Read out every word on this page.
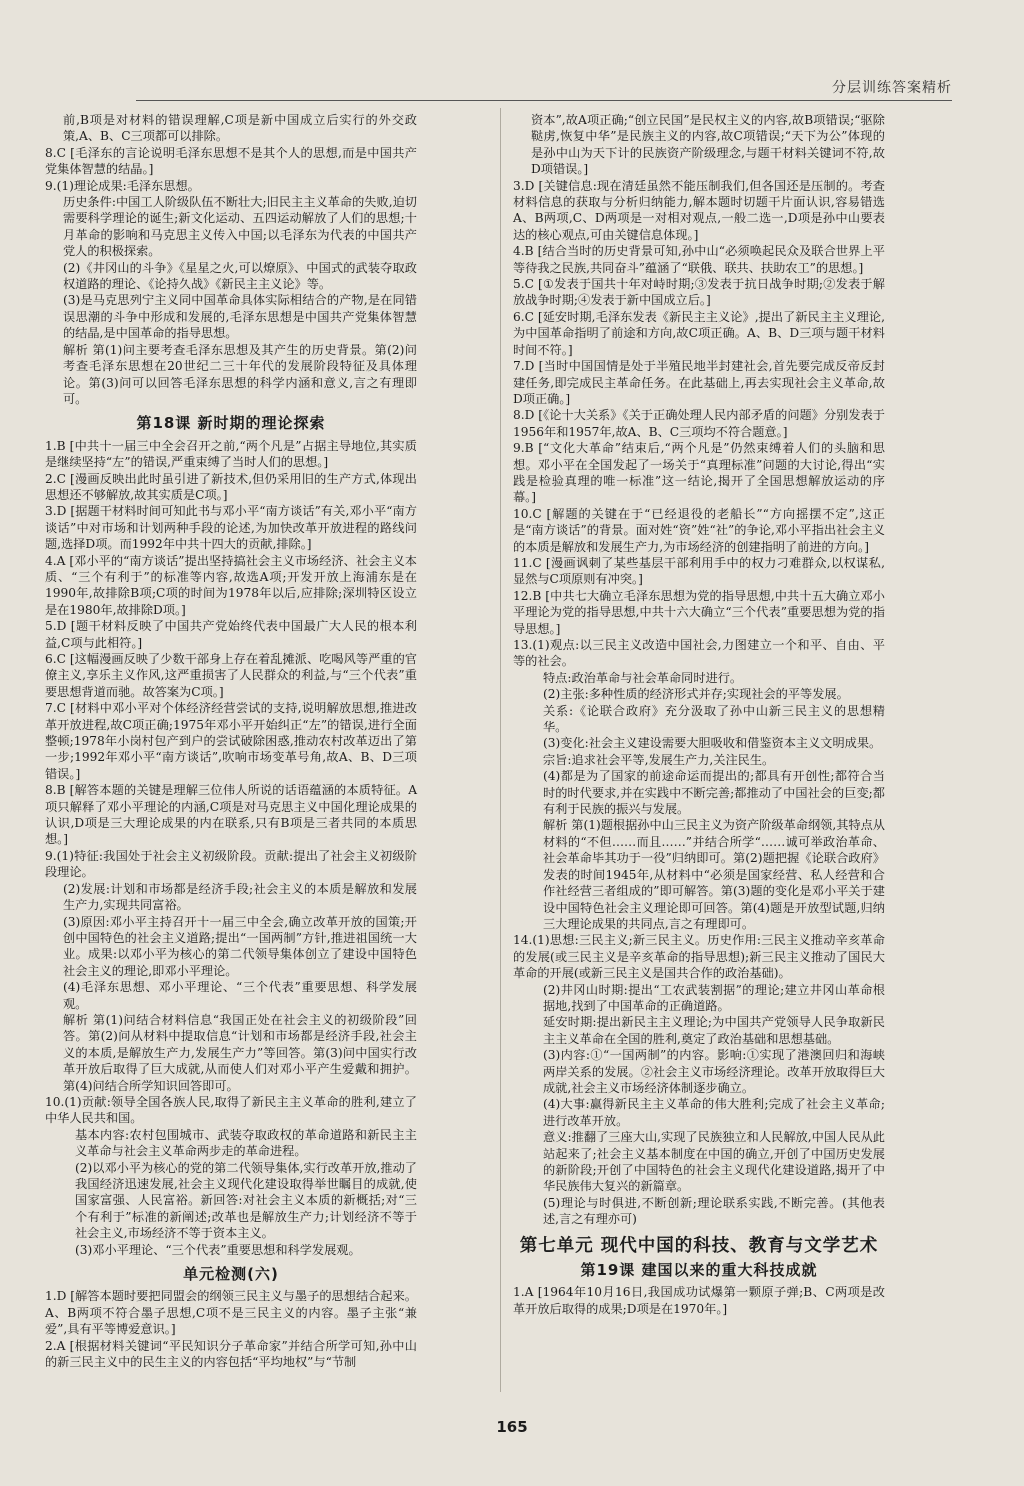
分层训练答案精析
前,B项是对材料的错误理解,C项是新中国成立后实行的外交政策,A、B、C三项都可以排除。
8.C [毛泽东的言论说明毛泽东思想不是其个人的思想,而是中国共产党集体智慧的结晶。]
9.(1)理论成果:毛泽东思想。
历史条件:中国工人阶级队伍不断壮大;旧民主主义革命的失败,迫切需要科学理论的诞生;新文化运动、五四运动解放了人们的思想;十月革命的影响和马克思主义传入中国;以毛泽东为代表的中国共产党人的积极探索。
(2)《井冈山的斗争》《星星之火,可以燎原》、中国式的武装夺取政权道路的理论、《论持久战》《新民主主义论》等。
(3)是马克思列宁主义同中国革命具体实际相结合的产物,是在同错误思潮的斗争中形成和发展的,毛泽东思想是中国共产党集体智慧的结晶,是中国革命的指导思想。
解析 第(1)问主要考查毛泽东思想及其产生的历史背景。第(2)问考查毛泽东思想在20世纪二三十年代的发展阶段特征及具体理论。第(3)问可以回答毛泽东思想的科学内涵和意义,言之有理即可。
第18课 新时期的理论探索
1.B [中共十一届三中全会召开之前,“两个凡是”占据主导地位,其实质是继续坚持“左”的错误,严重束缚了当时人们的思想。]
2.C [漫画反映出此时虽引进了新技术,但仍采用旧的生产方式,体现出思想还不够解放,故其实质是C项。]
3.D [据题干材料时间可知此书与邓小平“南方谈话”有关,邓小平“南方谈话”中对市场和计划两种手段的论述,为加快改革开放进程的路线问题,选择D项。而1992年中共十四大的贡献,排除。]
4.A [邓小平的“南方谈话”提出坚持搞社会主义市场经济、社会主义本质、“三个有利于”的标准等内容,故选A项;开发开放上海浦东是在1990年,故排除B项;C项的时间为1978年以后,应排除;深圳特区设立是在1980年,故排除D项。]
5.D [题干材料反映了中国共产党始终代表中国最广大人民的根本利益,C项与此相符。]
6.C [这幅漫画反映了少数干部身上存在着乱摊派、吃喝风等严重的官僚主义,享乐主义作风,这严重损害了人民群众的利益,与“三个代表”重要思想背道而驰。故答案为C项。]
7.C [材料中邓小平对个体经济经营尝试的支持,说明解放思想,推进改革开放进程,故C项正确;1975年邓小平开始纠正“左”的错误,进行全面整顿;1978年小岗村包产到户的尝试破除困惑,推动农村改革迈出了第一步;1992年邓小平“南方谈话”,吹响市场变革号角,故A、B、D三项错误。]
8.B [解答本题的关键是理解三位伟人所说的话语蕴涵的本质特征。A项只解释了邓小平理论的内涵,C项是对马克思主义中国化理论成果的认识,D项是三大理论成果的内在联系,只有B项是三者共同的本质思想。]
9.(1)特征:我国处于社会主义初级阶段。贡献:提出了社会主义初级阶段理论。
(2)发展:计划和市场都是经济手段;社会主义的本质是解放和发展生产力,实现共同富裕。
(3)原因:邓小平主持召开十一届三中全会,确立改革开放的国策;开创中国特色的社会主义道路;提出“一国两制”方针,推进祖国统一大业。成果:以邓小平为核心的第二代领导集体创立了建设中国特色社会主义的理论,即邓小平理论。
(4)毛泽东思想、邓小平理论、“三个代表”重要思想、科学发展观。
解析 第(1)问结合材料信息“我国正处在社会主义的初级阶段”回答。第(2)问从材料中提取信息“计划和市场都是经济手段,社会主义的本质,是解放生产力,发展生产力”等回答。第(3)问中国实行改革开放后取得了巨大成就,从而使人们对邓小平产生爱戴和拥护。第(4)问结合所学知识回答即可。
10.(1)贡献:领导全国各族人民,取得了新民主主义革命的胜利,建立了中华人民共和国。
基本内容:农村包围城市、武装夺取政权的革命道路和新民主主义革命与社会主义革命两步走的革命进程。
(2)以邓小平为核心的党的第二代领导集体,实行改革开放,推动了我国经济迅速发展,社会主义现代化建设取得举世瞩目的成就,使国家富强、人民富裕。新回答:对社会主义本质的新概括;对“三个有利于”标准的新阐述;改革也是解放生产力;计划经济不等于社会主义,市场经济不等于资本主义。
(3)邓小平理论、“三个代表”重要思想和科学发展观。
单元检测(六)
1.D [解答本题时要把同盟会的纲领三民主义与墨子的思想结合起来。A、B两项不符合墨子思想,C项不是三民主义的内容。墨子主张“兼爱”,具有平等博爱意识。]
2.A [根据材料关键词“平民知识分子革命家”并结合所学可知,孙中山的新三民主义中的民生主义的内容包括“平均地权”与“节制
资本”,故A项正确;“创立民国”是民权主义的内容,故B项错误;“驱除鞑虏,恢复中华”是民族主义的内容,故C项错误;“天下为公”体现的是孙中山为天下计的民族资产阶级理念,与题干材料关键词不符,故D项错误。]
3.D [关键信息:现在清廷虽然不能压制我们,但各国还是压制的。考查材料信息的获取与分析归纳能力,解本题时切题干片面认识,容易错选A、B两项,C、D两项是一对相对观点,一般二选一,D项是孙中山要表达的核心观点,可由关键信息体现。]
4.B [结合当时的历史背景可知,孙中山“必须唤起民众及联合世界上平等待我之民族,共同奋斗”蕴涵了“联俄、联共、扶助农工”的思想。]
5.C [①发表于国共十年对峙时期;③发表于抗日战争时期;②发表于解放战争时期;④发表于新中国成立后。]
6.C [延安时期,毛泽东发表《新民主主义论》,提出了新民主主义理论,为中国革命指明了前途和方向,故C项正确。A、B、D三项与题干材料时间不符。]
7.D [当时中国国情是处于半殖民地半封建社会,首先要完成反帝反封建任务,即完成民主革命任务。在此基础上,再去实现社会主义革命,故D项正确。]
8.D [《论十大关系》《关于正确处理人民内部矛盾的问题》分别发表于1956年和1957年,故A、B、C三项均不符合题意。]
9.B [“文化大革命”结束后,“两个凡是”仍然束缚着人们的头脑和思想。邓小平在全国发起了一场关于“真理标准”问题的大讨论,得出“实践是检验真理的唯一标准”这一结论,揭开了全国思想解放运动的序幕。]
10.C [解题的关键在于“已经退役的老船长”“方向摇摆不定”,这正是“南方谈话”的背景。面对姓“资”姓“社”的争论,邓小平指出社会主义的本质是解放和发展生产力,为市场经济的创建指明了前进的方向。]
11.C [漫画讽刺了某些基层干部利用手中的权力刁难群众,以权谋私,显然与C项原则有冲突。]
12.B [中共七大确立毛泽东思想为党的指导思想,中共十五大确立邓小平理论为党的指导思想,中共十六大确立“三个代表”重要思想为党的指导思想。]
13.(1)观点:以三民主义改造中国社会,力图建立一个和平、自由、平等的社会。
特点:政治革命与社会革命同时进行。
(2)主张:多种性质的经济形式并存;实现社会的平等发展。
关系:《论联合政府》充分汲取了孙中山新三民主义的思想精华。
(3)变化:社会主义建设需要大胆吸收和借鉴资本主义文明成果。
宗旨:追求社会平等,发展生产力,关注民生。
(4)都是为了国家的前途命运而提出的;都具有开创性;都符合当时的时代要求,并在实践中不断完善;都推动了中国社会的巨变;都有利于民族的振兴与发展。
解析 第(1)题根据孙中山三民主义为资产阶级革命纲领,其特点从材料的“不但……而且……”并结合所学“……诚可举政治革命、社会革命毕其功于一役”归纳即可。第(2)题把握《论联合政府》发表的时间1945年,从材料中“必须是国家经营、私人经营和合作社经营三者组成的”即可解答。第(3)题的变化是邓小平关于建设中国特色社会主义理论即可回答。第(4)题是开放型试题,归纳三大理论成果的共同点,言之有理即可。
14.(1)思想:三民主义;新三民主义。历史作用:三民主义推动辛亥革命的发展(或三民主义是辛亥革命的指导思想);新三民主义推动了国民大革命的开展(或新三民主义是国共合作的政治基础)。
(2)井冈山时期:提出“工农武装割据”的理论;建立井冈山革命根据地,找到了中国革命的正确道路。
延安时期:提出新民主主义理论;为中国共产党领导人民争取新民主主义革命在全国的胜利,奠定了政治基础和思想基础。
(3)内容:①“一国两制”的内容。影响:①实现了港澳回归和海峡两岸关系的发展。②社会主义市场经济理论。改革开放取得巨大成就,社会主义市场经济体制逐步确立。
(4)大事:赢得新民主主义革命的伟大胜利;完成了社会主义革命;进行改革开放。
意义:推翻了三座大山,实现了民族独立和人民解放,中国人民从此站起来了;社会主义基本制度在中国的确立,开创了中国历史发展的新阶段;开创了中国特色的社会主义现代化建设道路,揭开了中华民族伟大复兴的新篇章。
(5)理论与时俱进,不断创新;理论联系实践,不断完善。(其他表述,言之有理亦可)
第七单元 现代中国的科技、教育与文学艺术
第19课 建国以来的重大科技成就
1.A [1964年10月16日,我国成功试爆第一颗原子弹;B、C两项是改革开放后取得的成果;D项是在1970年。]
165
